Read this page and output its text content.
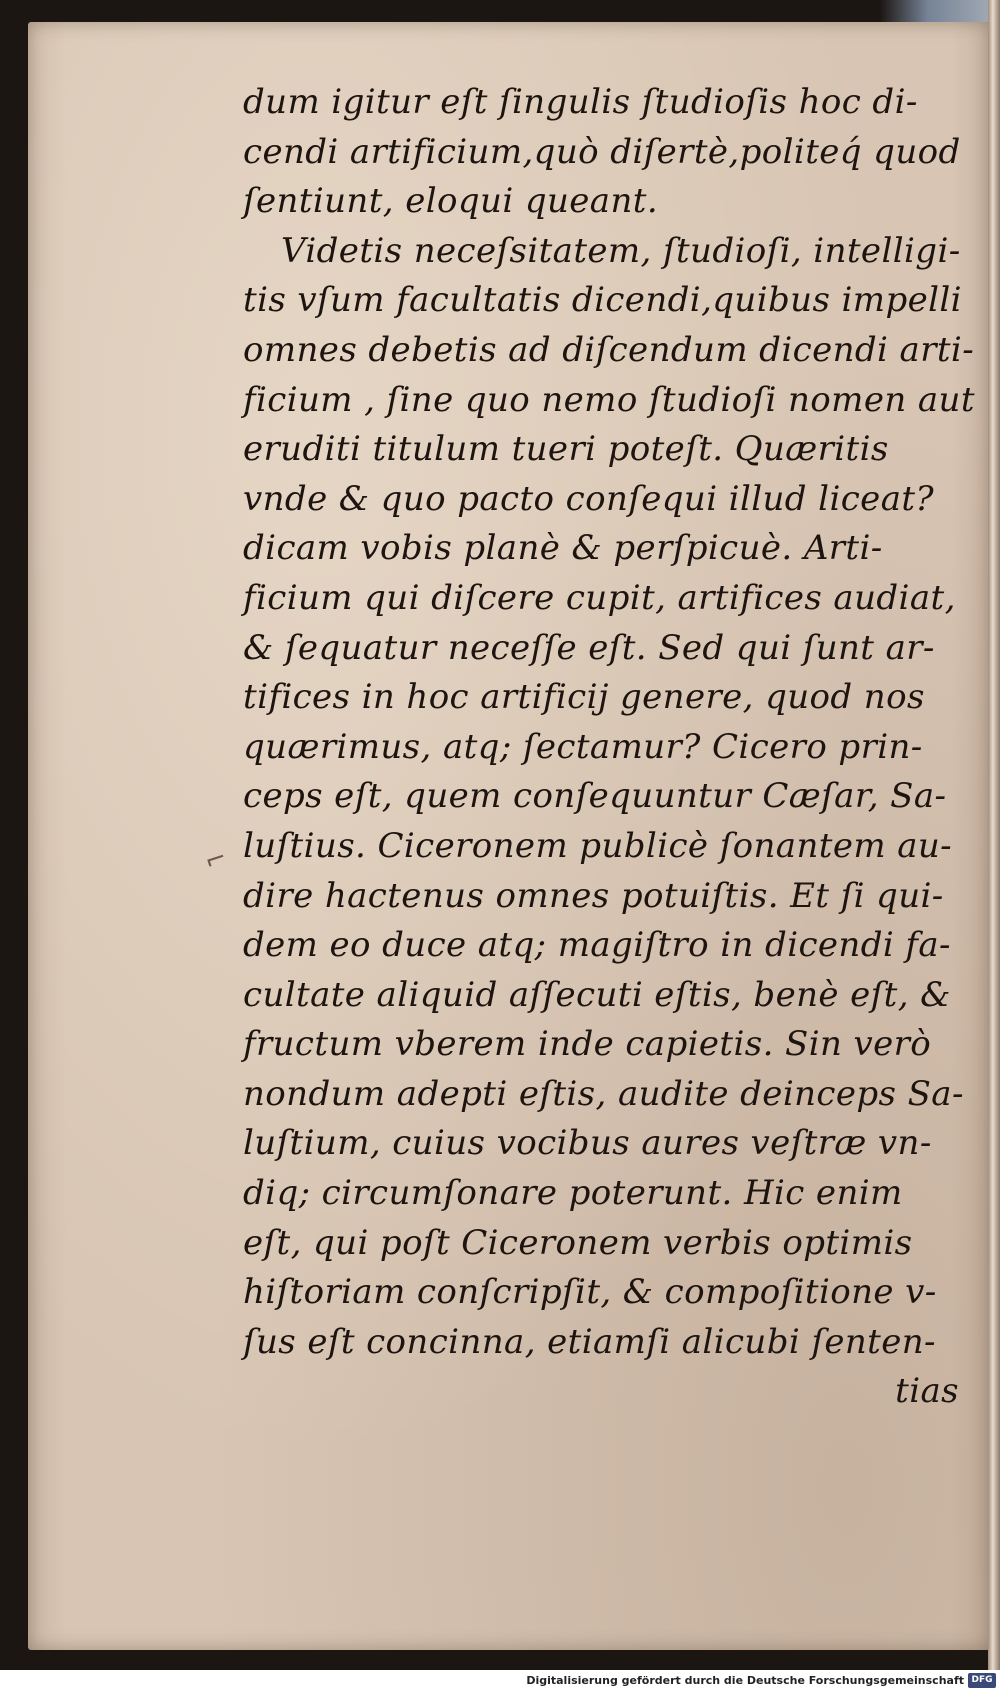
⌐
dum igitur eſt ſingulis ſtudioſis hoc di-
cendi artificium,quò diſertè,politeq́ quod
ſentiunt, eloqui queant.
Videtis neceſsitatem, ſtudioſi, intelligi-
tis vſum facultatis dicendi,quibus impelli
omnes debetis ad diſcendum dicendi arti-
ficium , ſine quo nemo ſtudioſi nomen aut
eruditi titulum tueri poteſt. Quæritis
vnde & quo pacto conſequi illud liceat?
dicam vobis planè & perſpicuè. Arti-
ficium qui diſcere cupit, artifices audiat,
& ſequatur neceſſe eſt. Sed qui ſunt ar-
tifices in hoc artificij genere, quod nos
quærimus, atq; ſectamur? Cicero prin-
ceps eſt, quem conſequuntur Cæſar, Sa-
luſtius. Ciceronem publicè ſonantem au-
dire hactenus omnes potuiſtis. Et ſi qui-
dem eo duce atq; magiſtro in dicendi fa-
cultate aliquid aſſecuti eſtis, benè eſt, &
fructum vberem inde capietis. Sin verò
nondum adepti eſtis, audite deinceps Sa-
luſtium, cuius vocibus aures veſtræ vn-
diq; circumſonare poterunt. Hic enim
eſt, qui poſt Ciceronem verbis optimis
hiſtoriam conſcripſit, & compoſitione v-
ſus eſt concinna, etiamſi alicubi ſenten-
tias
Digitalisierung gefördert durch die Deutsche Forschungsgemeinschaft DFG
